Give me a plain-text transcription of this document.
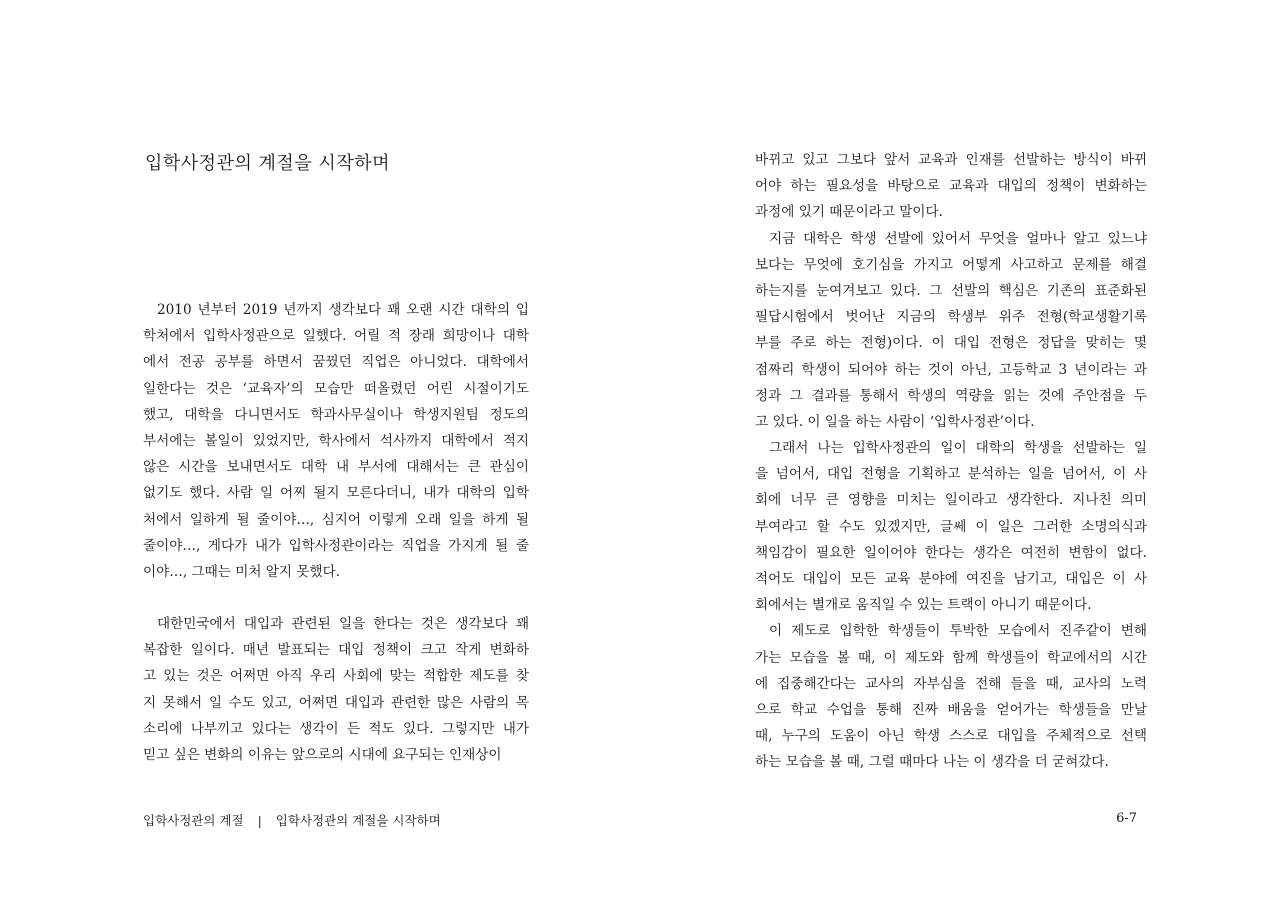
입학사정관의 계절을 시작하며
2010 년부터 2019 년까지 생각보다 꽤 오랜 시간 대학의 입
학처에서 입학사정관으로 일했다. 어릴 적 장래 희망이나 대학
에서 전공 공부를 하면서 꿈꿨던 직업은 아니었다. 대학에서
일한다는 것은 ‘교육자’의 모습만 떠올렸던 어린 시절이기도
했고, 대학을 다니면서도 학과사무실이나 학생지원팀 정도의
부서에는 볼일이 있었지만, 학사에서 석사까지 대학에서 적지
않은 시간을 보내면서도 대학 내 부서에 대해서는 큰 관심이
없기도 했다. 사람 일 어찌 될지 모른다더니, 내가 대학의 입학
처에서 일하게 될 줄이야…, 심지어 이렇게 오래 일을 하게 될
줄이야…, 게다가 내가 입학사정관이라는 직업을 가지게 될 줄
이야…, 그때는 미처 알지 못했다.
대한민국에서 대입과 관련된 일을 한다는 것은 생각보다 꽤
복잡한 일이다. 매년 발표되는 대입 정책이 크고 작게 변화하
고 있는 것은 어쩌면 아직 우리 사회에 맞는 적합한 제도를 찾
지 못해서 일 수도 있고, 어쩌면 대입과 관련한 많은 사람의 목
소리에 나부끼고 있다는 생각이 든 적도 있다. 그렇지만 내가
믿고 싶은 변화의 이유는 앞으로의 시대에 요구되는 인재상이
입학사정관의 계절 | 입학사정관의 계절을 시작하며
바뀌고 있고 그보다 앞서 교육과 인재를 선발하는 방식이 바뀌
어야 하는 필요성을 바탕으로 교육과 대입의 정책이 변화하는
과정에 있기 때문이라고 말이다.
지금 대학은 학생 선발에 있어서 무엇을 얼마나 알고 있느냐
보다는 무엇에 호기심을 가지고 어떻게 사고하고 문제를 해결
하는지를 눈여겨보고 있다. 그 선발의 핵심은 기존의 표준화된
필답시험에서 벗어난 지금의 학생부 위주 전형(학교생활기록
부를 주로 하는 전형)이다. 이 대입 전형은 정답을 맞히는 몇
점짜리 학생이 되어야 하는 것이 아닌, 고등학교 3 년이라는 과
정과 그 결과를 통해서 학생의 역량을 읽는 것에 주안점을 두
고 있다. 이 일을 하는 사람이 ‘입학사정관’이다.
그래서 나는 입학사정관의 일이 대학의 학생을 선발하는 일
을 넘어서, 대입 전형을 기획하고 분석하는 일을 넘어서, 이 사
회에 너무 큰 영향을 미치는 일이라고 생각한다. 지나친 의미
부여라고 할 수도 있겠지만, 글쎄 이 일은 그러한 소명의식과
책임감이 필요한 일이어야 한다는 생각은 여전히 변함이 없다.
적어도 대입이 모든 교육 분야에 여진을 남기고, 대입은 이 사
회에서는 별개로 움직일 수 있는 트랙이 아니기 때문이다.
이 제도로 입학한 학생들이 투박한 모습에서 진주같이 변해
가는 모습을 볼 때, 이 제도와 함께 학생들이 학교에서의 시간
에 집중해간다는 교사의 자부심을 전해 들을 때, 교사의 노력
으로 학교 수업을 통해 진짜 배움을 얻어가는 학생들을 만날
때, 누구의 도움이 아닌 학생 스스로 대입을 주체적으로 선택
하는 모습을 볼 때, 그럴 때마다 나는 이 생각을 더 굳혀갔다.
6-7
